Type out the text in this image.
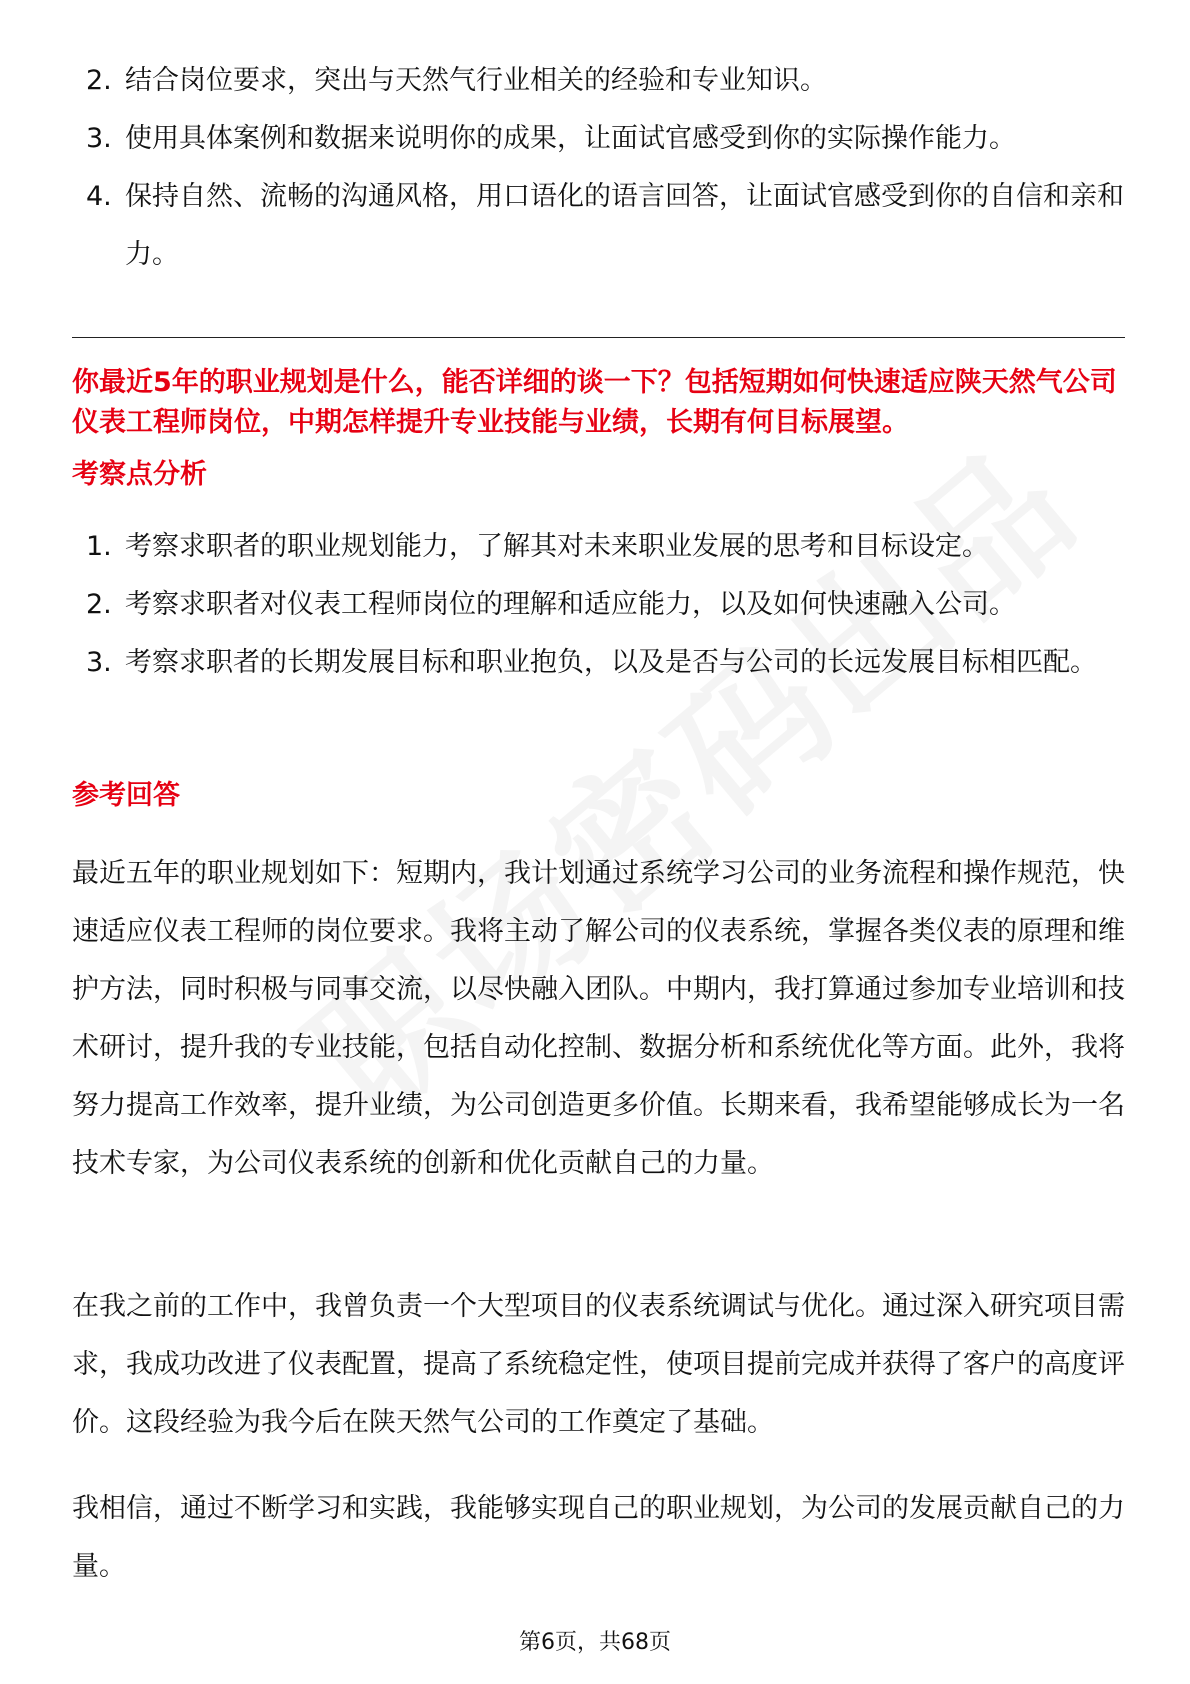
2. 结合岗位要求，突出与天然气行业相关的经验和专业知识。
3. 使用具体案例和数据来说明你的成果，让面试官感受到你的实际操作能力。
4. 保持自然、流畅的沟通风格，用口语化的语言回答，让面试官感受到你的自信和亲和力。
你最近5年的职业规划是什么，能否详细的谈一下？包括短期如何快速适应陕天然气公司仪表工程师岗位，中期怎样提升专业技能与业绩，长期有何目标展望。
考察点分析
1. 考察求职者的职业规划能力，了解其对未来职业发展的思考和目标设定。
2. 考察求职者对仪表工程师岗位的理解和适应能力，以及如何快速融入公司。
3. 考察求职者的长期发展目标和职业抱负，以及是否与公司的长远发展目标相匹配。
参考回答

最近五年的职业规划如下：短期内，我计划通过系统学习公司的业务流程和操作规范，快速适应仪表工程师的岗位要求。我将主动了解公司的仪表系统，掌握各类仪表的原理和维护方法，同时积极与同事交流，以尽快融入团队。中期内，我打算通过参加专业培训和技术研讨，提升我的专业技能，包括自动化控制、数据分析和系统优化等方面。此外，我将努力提高工作效率，提升业绩，为公司创造更多价值。长期来看，我希望能够成长为一名技术专家，为公司仪表系统的创新和优化贡献自己的力量。

在我之前的工作中，我曾负责一个大型项目的仪表系统调试与优化。通过深入研究项目需求，我成功改进了仪表配置，提高了系统稳定性，使项目提前完成并获得了客户的高度评价。这段经验为我今后在陕天然气公司的工作奠定了基础。

我相信，通过不断学习和实践，我能够实现自己的职业规划，为公司的发展贡献自己的力量。

第6页，共68页
